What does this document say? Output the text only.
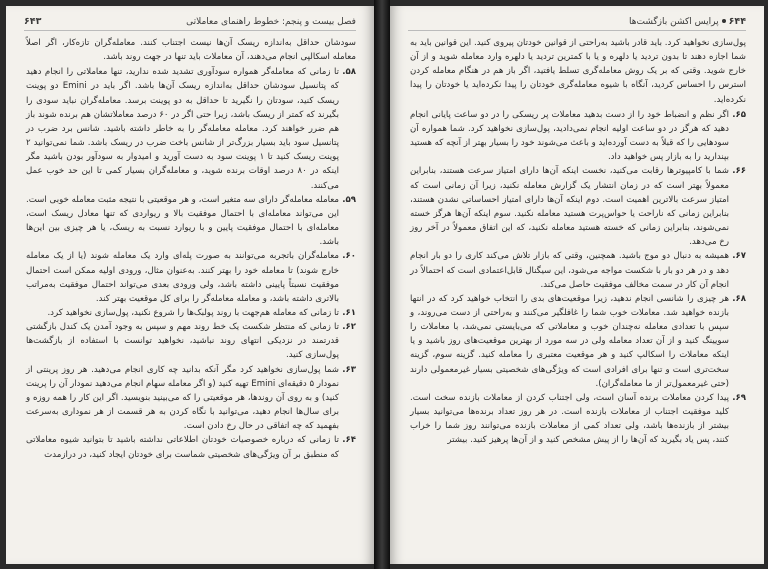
فصل بیست و پنجم: خطوط راهنمای معاملاتی
۶۴۳

سودشان حداقل به‌اندازه ریسک آن‌ها نیست اجتناب کنند. معامله‌گران تازه‌کار، اگر اصلاً معامله اسکالپی انجام می‌دهند، آن معاملات باید تنها در جهت روند باشد.

۵۸.
تا زمانی که معامله‌گر همواره سودآوری تشدید شده ندارید، تنها معاملاتی را انجام دهید که پتانسیل سودشان حداقل به‌اندازه ریسک آن‌ها باشد. اگر باید در Emini دو پوینت ریسک کنید، سودتان را نگیرید تا حداقل به دو پوینت برسد. معامله‌گران نباید سودی را بگیرند که کمتر از ریسک باشد، زیرا حتی اگر در ۶۰ درصد معاملاتشان هم برنده شوند باز هم ضرر خواهند کرد. معامله معامله‌گر را به خاطر داشته باشید. شانس برد ضرب در پتانسیل سود باید بسیار بزرگ‌تر از شانس باخت ضرب در ریسک باشد. شما نمی‌توانید ۲ پوینت ریسک کنید تا ۱ پوینت سود به دست آورید و امیدوار به سودآور بودن باشید مگر اینکه در ۸۰ درصد اوقات برنده شوید، و معامله‌گران بسیار کمی تا این حد خوب عمل می‌کنند.
۵۹.
معامله معامله‌گر دارای سه متغیر است، و هر موقعیتی با نتیجه مثبت معامله خوبی است. این می‌تواند معامله‌ای با احتمال موفقیت بالا و ریواردی که تنها معادل ریسک است، معامله‌ای با احتمال موفقیت پایین و با ریوارد نسبت به ریسک، یا هر چیزی بین این‌ها باشد.
۶۰.
معامله‌گران باتجربه می‌توانند به صورت پله‌ای وارد یک معامله شوند (یا از یک معامله خارج شوند) تا معامله خود را بهتر کنند. به‌عنوان مثال، ورودی اولیه ممکن است احتمال موفقیت نسبتاً پایینی داشته باشد، ولی ورودی بعدی می‌تواند احتمال موفقیت به‌مراتب بالاتری داشته باشد، و معامله معامله‌گر را برای کل موقعیت بهتر کند.
۶۱.
تا زمانی که معامله هم‌جهت با روند پولبک‌ها را شروع نکنید، پول‌سازی نخواهید کرد.
۶۲.
تا زمانی که منتظر شکست یک خط روند مهم و سپس به وجود آمدن یک کندل بازگشتی قدرتمند در نزدیکی انتهای روند نباشید، نخواهید توانست با استفاده از بازگشت‌ها پول‌سازی کنید.
۶۳.
شما پول‌سازی نخواهید کرد مگر آنکه بدانید چه کاری انجام می‌دهید. هر روز پرینتی از نمودار ۵ دقیقه‌ای Emini تهیه کنید (و اگر معامله سهام انجام می‌دهید نمودار آن را پرینت کنید) و به روی آن روندها، هر موقعیتی را که می‌بینید بنویسید. اگر این کار را همه روزه و برای سال‌ها انجام دهید، می‌توانید با نگاه کردن به هر قسمت از هر نموداری به‌سرعت بفهمید که چه اتفاقی در حال رخ دادن است.
۶۴.
تا زمانی که درباره خصوصیات خودتان اطلاعاتی نداشته باشید تا بتوانید شیوه معاملاتی که منطبق بر آن ویژگی‌های شخصیتی شماست برای خودتان ایجاد کنید، در درازمدت
۶۴۴پرایس اکشن بازگشت‌ها

پول‌سازی نخواهید کرد. باید قادر باشید به‌راحتی از قوانین خودتان پیروی کنید. این قوانین باید به شما اجازه دهند تا بدون تردید یا دلهره و یا با کمترین تردید یا دلهره وارد معامله شوید و از آن خارج شوید. وقتی که بر یک روش معامله‌گری تسلط یافتید، اگر باز هم در هنگام معامله کردن استرس را احساس کردید، آنگاه با شیوه معامله‌گری خودتان را پیدا نکرده‌اید یا خودتان را پیدا نکرده‌اید.

۶۵.
اگر نظم و انضباط خود را از دست بدهید معاملات پر ریسکی را در دو ساعت پایانی انجام دهید که هرگز در دو ساعت اولیه انجام نمی‌دادید، پول‌سازی نخواهید کرد. شما همواره آن سودهایی را که قبلاً به دست آورده‌اید و باعث می‌شوند خود را بسیار بهتر از آنچه که هستید بپندارید را به بازار پس خواهید داد.
۶۶.
شما با کامپیوترها رقابت می‌کنید، نخست اینکه آن‌ها دارای امتیاز سرعت هستند، بنابراین معمولاً بهتر است که در زمان انتشار یک گزارش معامله نکنید، زیرا آن زمانی است که امتیاز سرعت بالاترین اهمیت است. دوم اینکه آن‌ها دارای امتیاز احساساتی نشدن هستند، بنابراین زمانی که ناراحت یا حواس‌پرت هستید معامله نکنید. سوم اینکه آن‌ها هرگز خسته نمی‌شوند، بنابراین زمانی که خسته هستید معامله نکنید، که این اتفاق معمولاً در آخر روز رخ می‌دهد.
۶۷.
همیشه به دنبال دو موج باشید. همچنین، وقتی که بازار تلاش می‌کند کاری را دو بار انجام دهد و در هر دو بار با شکست مواجه می‌شود، این سیگنال قابل‌اعتمادی است که احتمالاً در انجام آن کار در سمت مخالف موفقیت حاصل می‌کند.
۶۸.
هر چیزی را شانسی انجام ندهید، زیرا موقعیت‌های بدی را انتخاب خواهید کرد که در انتها بازنده خواهید شد. معاملات خوب شما را غافلگیر می‌کنند و به‌راحتی از دست می‌روند، و سپس با تعدادی معامله نه‌چندان خوب و معاملاتی که می‌بایستی نمی‌شد، با معاملات را سویینگ کنید و از آن تعداد معامله ولی در سه مورد از بهترین موقعیت‌های روز باشید و یا اینکه معاملات را اسکالپ کنید و هر موقعیت معتبری را معامله کنید. گزینه سوم، گزینه سخت‌تری است و تنها برای افرادی است که ویژگی‌های شخصیتی بسیار غیرمعمولی دارند (حتی غیرمعمول‌تر از ما معامله‌گران).
۶۹.
پیدا کردن معاملات برنده آسان است، ولی اجتناب کردن از معاملات بازنده سخت است. کلید موفقیت اجتناب از معاملات بازنده است. در هر روز تعداد برنده‌ها می‌توانید بسیار بیشتر از بازنده‌ها باشد، ولی تعداد کمی از معاملات بازنده می‌توانند روز شما را خراب کنند، پس یاد بگیرید که آن‌ها را از پیش مشخص کنید و از آن‌ها پرهیز کنید. بیشتر
